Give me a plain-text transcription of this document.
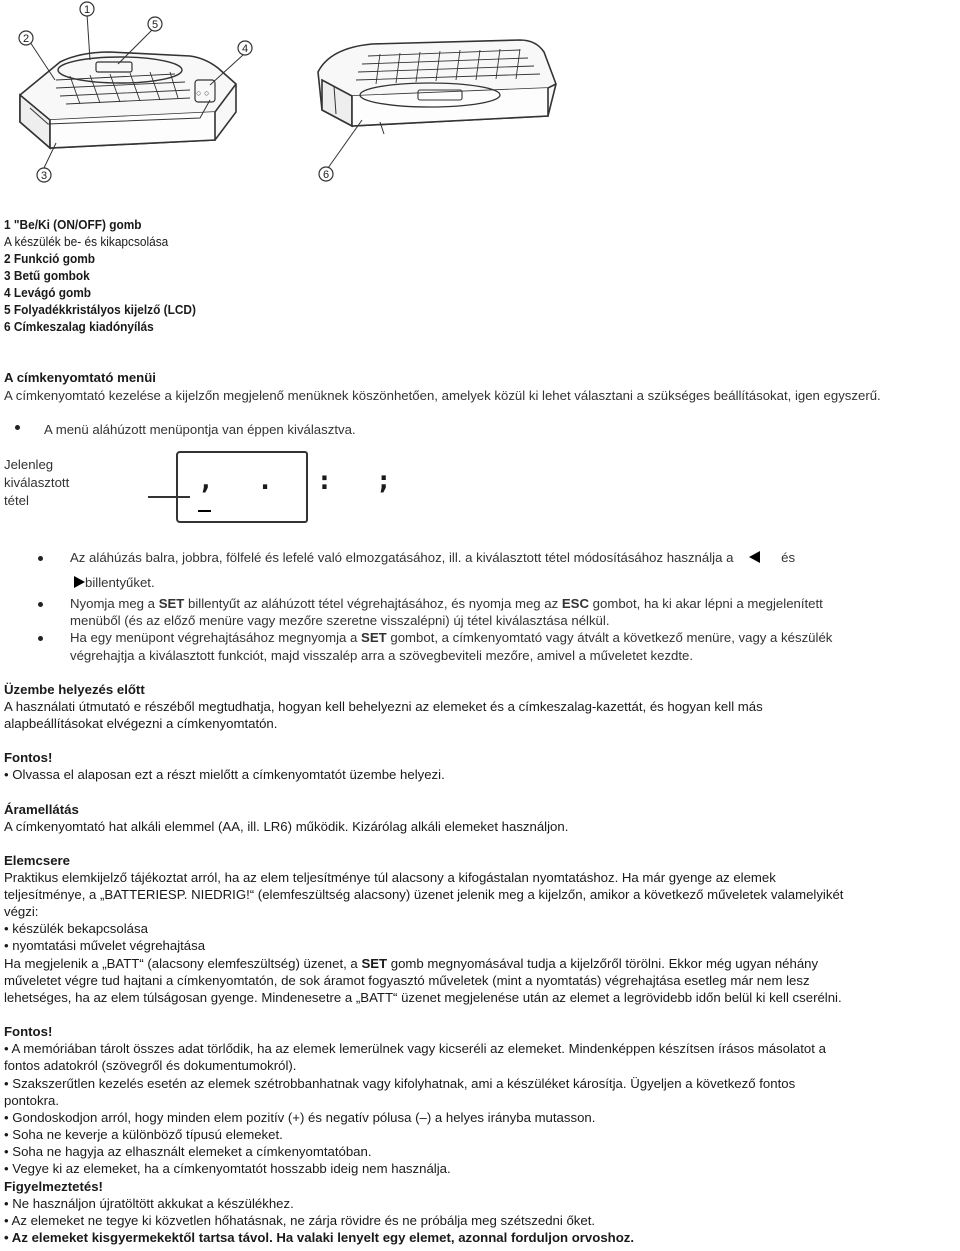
○ ○
1
2
3
4
5
6
1 "Be/Ki (ON/OFF) gomb
A készülék be- és kikapcsolása
2 Funkció gomb
3 Betű gombok
4 Levágó gomb
5 Folyadékkristályos kijelző (LCD)
6 Címkeszalag kiadónyílás
A címkenyomtató menüi
A címkenyomtató kezelése a kijelzőn megjelenő menüknek köszönhetően, amelyek közül ki lehet választani a szükséges beállításokat, igen egyszerű.
A menü aláhúzott menüpontja van éppen kiválasztva.
Jelenleg
kiválasztott
tétel
, . : ;
Az aláhúzás balra, jobbra, fölfelé és lefelé való elmozgatásához, ill. a kiválasztott tétel módosításához használja a	és
billentyűket.
Nyomja meg a SET billentyűt az aláhúzott tétel végrehajtásához, és nyomja meg az ESC gombot, ha ki akar lépni a megjelenített
menüből (és az előző menüre vagy mezőre szeretne visszalépni) új tétel kiválasztása nélkül.
Ha egy menüpont végrehajtásához megnyomja a SET gombot, a címkenyomtató vagy átvált a következő menüre, vagy a készülék
végrehajtja a kiválasztott funkciót, majd visszalép arra a szövegbeviteli mezőre, amivel a műveletet kezdte.
Üzembe helyezés előtt
A használati útmutató e részéből megtudhatja, hogyan kell behelyezni az elemeket és a címkeszalag-kazettát, és hogyan kell más
alapbeállításokat elvégezni a címkenyomtatón.
Fontos!
• Olvassa el alaposan ezt a részt mielőtt a címkenyomtatót üzembe helyezi.
Áramellátás
A címkenyomtató hat alkáli elemmel (AA, ill. LR6) működik. Kizárólag alkáli elemeket használjon.
Elemcsere
Praktikus elemkijelző tájékoztat arról, ha az elem teljesítménye túl alacsony a kifogástalan nyomtatáshoz. Ha már gyenge az elemek
teljesítménye, a „BATTERIESP. NIEDRIG!“ (elemfeszültség alacsony) üzenet jelenik meg a kijelzőn, amikor a következő műveletek valamelyikét
végzi:
• készülék bekapcsolása
• nyomtatási művelet végrehajtása
Ha megjelenik a „BATT“ (alacsony elemfeszültség) üzenet, a SET gomb megnyomásával tudja a kijelzőről törölni. Ekkor még ugyan néhány
műveletet végre tud hajtani a címkenyomtatón, de sok áramot fogyasztó műveletek (mint a nyomtatás) végrehajtása esetleg már nem lesz
lehetséges, ha az elem túlságosan gyenge. Mindenesetre a „BATT“ üzenet megjelenése után az elemet a legrövidebb időn belül ki kell cserélni.
Fontos!
• A memóriában tárolt összes adat törlődik, ha az elemek lemerülnek vagy kicseréli az elemeket. Mindenképpen készítsen írásos másolatot a
fontos adatokról (szövegről és dokumentumokról).
• Szakszerűtlen kezelés esetén az elemek szétrobbanhatnak vagy kifolyhatnak, ami a készüléket károsítja. Ügyeljen a következő fontos
pontokra.
• Gondoskodjon arról, hogy minden elem pozitív (+) és negatív pólusa (–) a helyes irányba mutasson.
• Soha ne keverje a különböző típusú elemeket.
• Soha ne hagyja az elhasznált elemeket a címkenyomtatóban.
• Vegye ki az elemeket, ha a címkenyomtatót hosszabb ideig nem használja.
Figyelmeztetés!
• Ne használjon újratöltött akkukat a készülékhez.
• Az elemeket ne tegye ki közvetlen hőhatásnak, ne zárja rövidre és ne próbálja meg szétszedni őket.
• Az elemeket kisgyermekektől tartsa távol. Ha valaki lenyelt egy elemet, azonnal forduljon orvoshoz.
